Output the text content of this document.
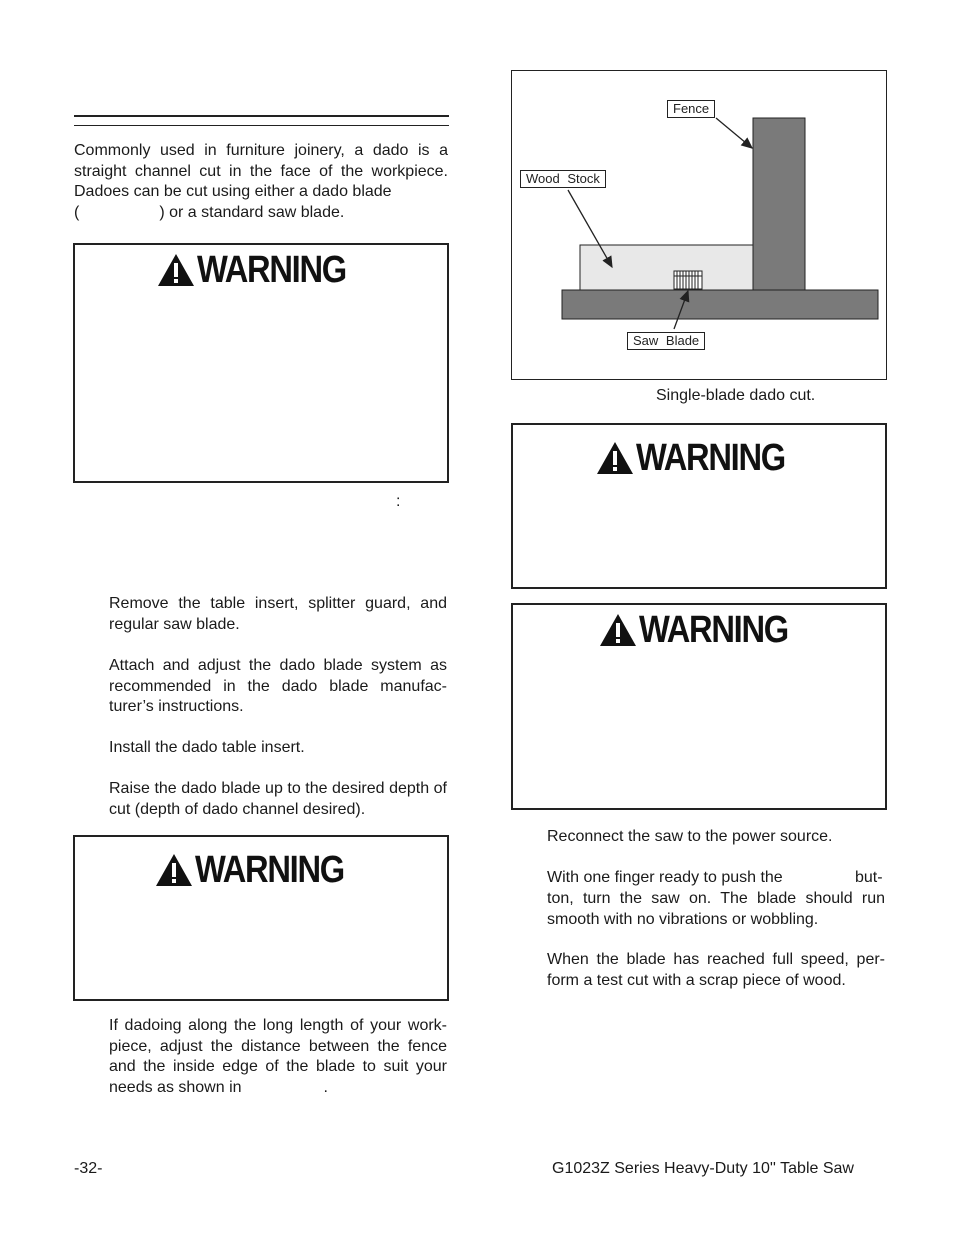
Commonly used in furniture joinery, a dado is a straight channel cut in the face of the workpiece. Dadoes can be cut using either a dado blade
(	) or a standard saw blade.
WARNING
:
Remove the table insert, splitter guard, and regular saw blade.
Attach and adjust the dado blade system as recommended in the dado blade manufac-turer’s instructions.
Install the dado table insert.
Raise the dado blade up to the desired depth of cut (depth of dado channel desired).
WARNING
If dadoing along the long length of your work-piece, adjust the distance between the fence and the inside edge of the blade to suit your needs as shown in	.
Fence
Wood Stock
Saw Blade
Single-blade dado cut.
WARNING
WARNING
Reconnect the saw to the power source.
With one finger ready to push the	but-
ton, turn the saw on. The blade should run smooth with no vibrations or wobbling.
When the blade has reached full speed, per-form a test cut with a scrap piece of wood.
-32-	G1023Z Series Heavy-Duty 10'' Table Saw
